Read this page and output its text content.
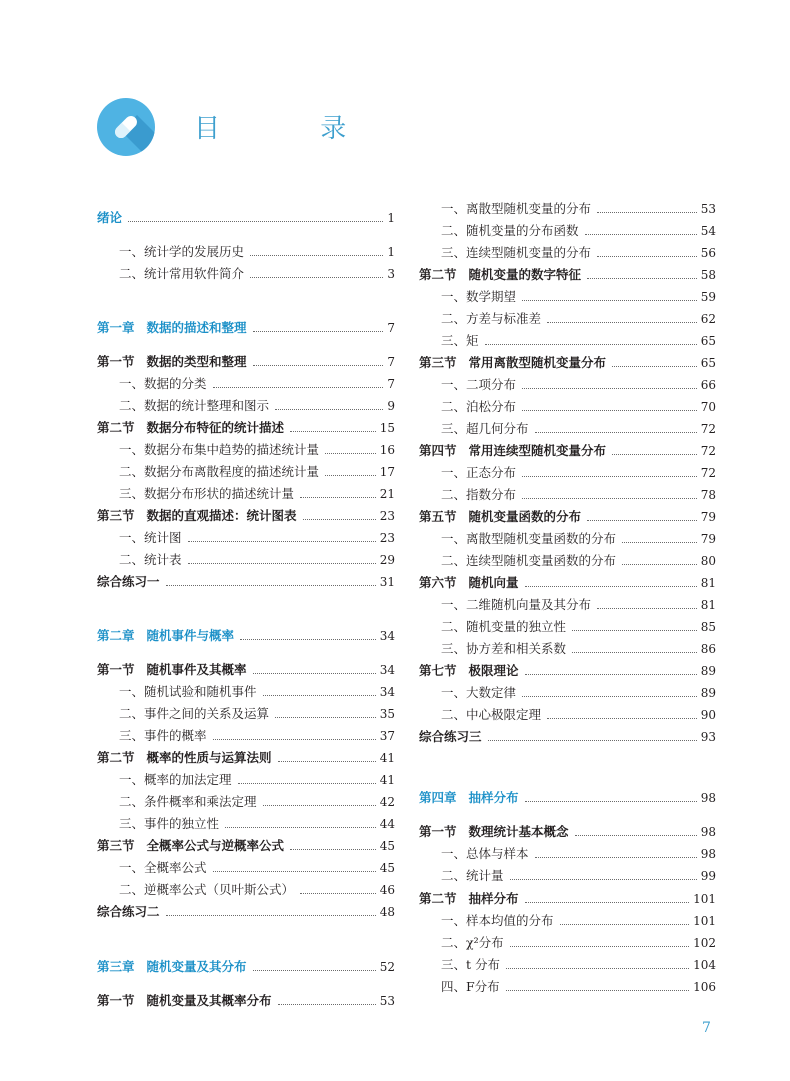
目 录
绪论	1
一、统计学的发展历史	1
二、统计常用软件简介	3
第一章 数据的描述和整理	7
第一节 数据的类型和整理	7
一、数据的分类	7
二、数据的统计整理和图示	9
第二节 数据分布特征的统计描述	15
一、数据分布集中趋势的描述统计量	16
二、数据分布离散程度的描述统计量	17
三、数据分布形状的描述统计量	21
第三节 数据的直观描述：统计图表	23
一、统计图	23
二、统计表	29
综合练习一	31
第二章 随机事件与概率	34
第一节 随机事件及其概率	34
一、随机试验和随机事件	34
二、事件之间的关系及运算	35
三、事件的概率	37
第二节 概率的性质与运算法则	41
一、概率的加法定理	41
二、条件概率和乘法定理	42
三、事件的独立性	44
第三节 全概率公式与逆概率公式	45
一、全概率公式	45
二、逆概率公式（贝叶斯公式）	46
综合练习二	48
第三章 随机变量及其分布	52
第一节 随机变量及其概率分布	53
一、离散型随机变量的分布	53
二、随机变量的分布函数	54
三、连续型随机变量的分布	56
第二节 随机变量的数字特征	58
一、数学期望	59
二、方差与标准差	62
三、矩	65
第三节 常用离散型随机变量分布	65
一、二项分布	66
二、泊松分布	70
三、超几何分布	72
第四节 常用连续型随机变量分布	72
一、正态分布	72
二、指数分布	78
第五节 随机变量函数的分布	79
一、离散型随机变量函数的分布	79
二、连续型随机变量函数的分布	80
第六节 随机向量	81
一、二维随机向量及其分布	81
二、随机变量的独立性	85
三、协方差和相关系数	86
第七节 极限理论	89
一、大数定律	89
二、中心极限定理	90
综合练习三	93
第四章 抽样分布	98
第一节 数理统计基本概念	98
一、总体与样本	98
二、统计量	99
第二节 抽样分布	101
一、样本均值的分布	101
二、χ²分布	102
三、t 分布	104
四、F分布	106
7
